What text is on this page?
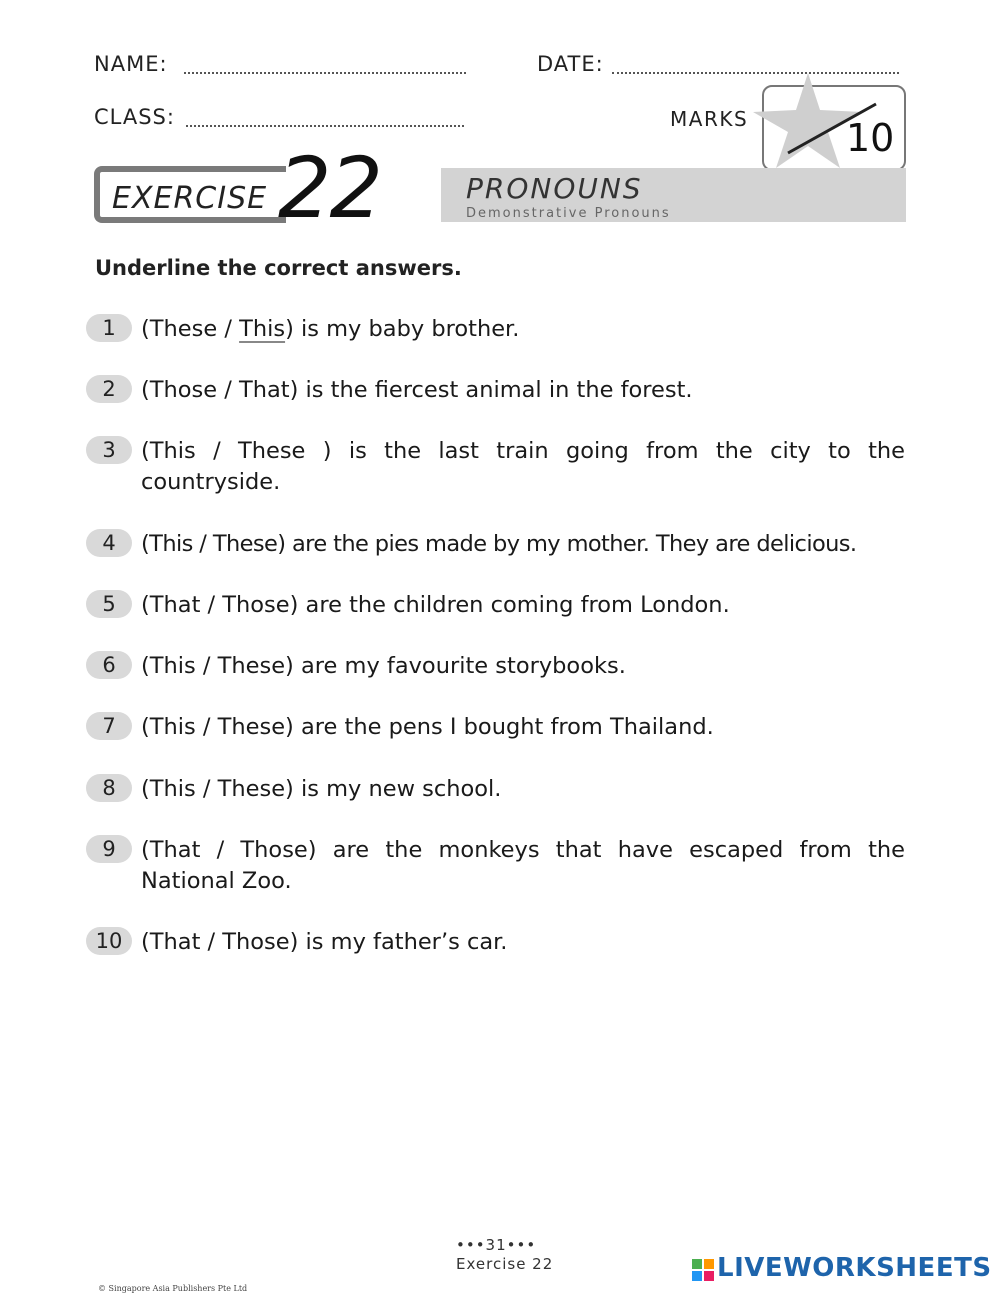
NAME:	DATE:
CLASS:	MARKS	10
EXERCISE 22	PRONOUNS
Demonstrative Pronouns
Underline the correct answers.
1	(These / This) is my baby brother.
2	(Those / That) is the fiercest animal in the forest.
3	(This / These ) is the last train going from the city to the countryside.
4	(This / These) are the pies made by my mother. They are delicious.
5	(That / Those) are the children coming from London.
6	(This / These) are my favourite storybooks.
7	(This / These) are the pens I bought from Thailand.
8	(This / These) is my new school.
9	(That / Those) are the monkeys that have escaped from the National Zoo.
10 (That / Those) is my father’s car.
•••31•••
Exercise 22
© Singapore Asia Publishers Pte Ltd
LIVEWORKSHEETS
